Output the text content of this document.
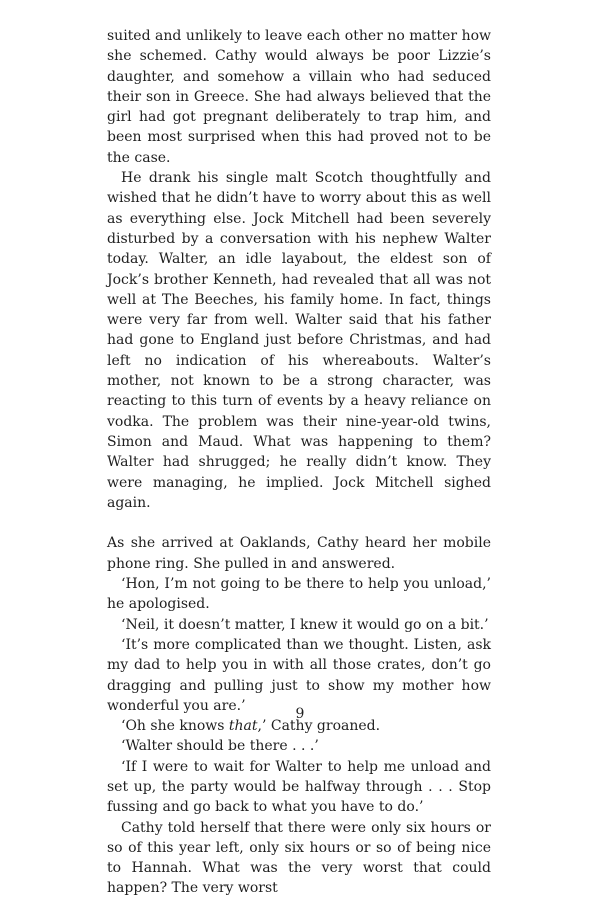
suited and unlikely to leave each other no matter how she schemed. Cathy would always be poor Lizzie’s daughter, and somehow a villain who had seduced their son in Greece. She had always believed that the girl had got pregnant deliberately to trap him, and been most surprised when this had proved not to be the case.

He drank his single malt Scotch thoughtfully and wished that he didn’t have to worry about this as well as everything else. Jock Mitchell had been severely disturbed by a conversation with his nephew Walter today. Walter, an idle layabout, the eldest son of Jock’s brother Kenneth, had revealed that all was not well at The Beeches, his family home. In fact, things were very far from well. Walter said that his father had gone to England just before Christmas, and had left no indication of his whereabouts. Walter’s mother, not known to be a strong character, was reacting to this turn of events by a heavy reliance on vodka. The problem was their nine-year-old twins, Simon and Maud. What was happening to them? Walter had shrugged; he really didn’t know. They were managing, he implied. Jock Mitchell sighed again.

As she arrived at Oaklands, Cathy heard her mobile phone ring. She pulled in and answered.

‘Hon, I’m not going to be there to help you unload,’ he apologised.

‘Neil, it doesn’t matter, I knew it would go on a bit.’

‘It’s more complicated than we thought. Listen, ask my dad to help you in with all those crates, don’t go dragging and pulling just to show my mother how wonderful you are.’

‘Oh she knows that,’ Cathy groaned.

‘Walter should be there . . .’

‘If I were to wait for Walter to help me unload and set up, the party would be halfway through . . . Stop fussing and go back to what you have to do.’

Cathy told herself that there were only six hours or so of this year left, only six hours or so of being nice to Hannah. What was the very worst that could happen? The very worst

9
